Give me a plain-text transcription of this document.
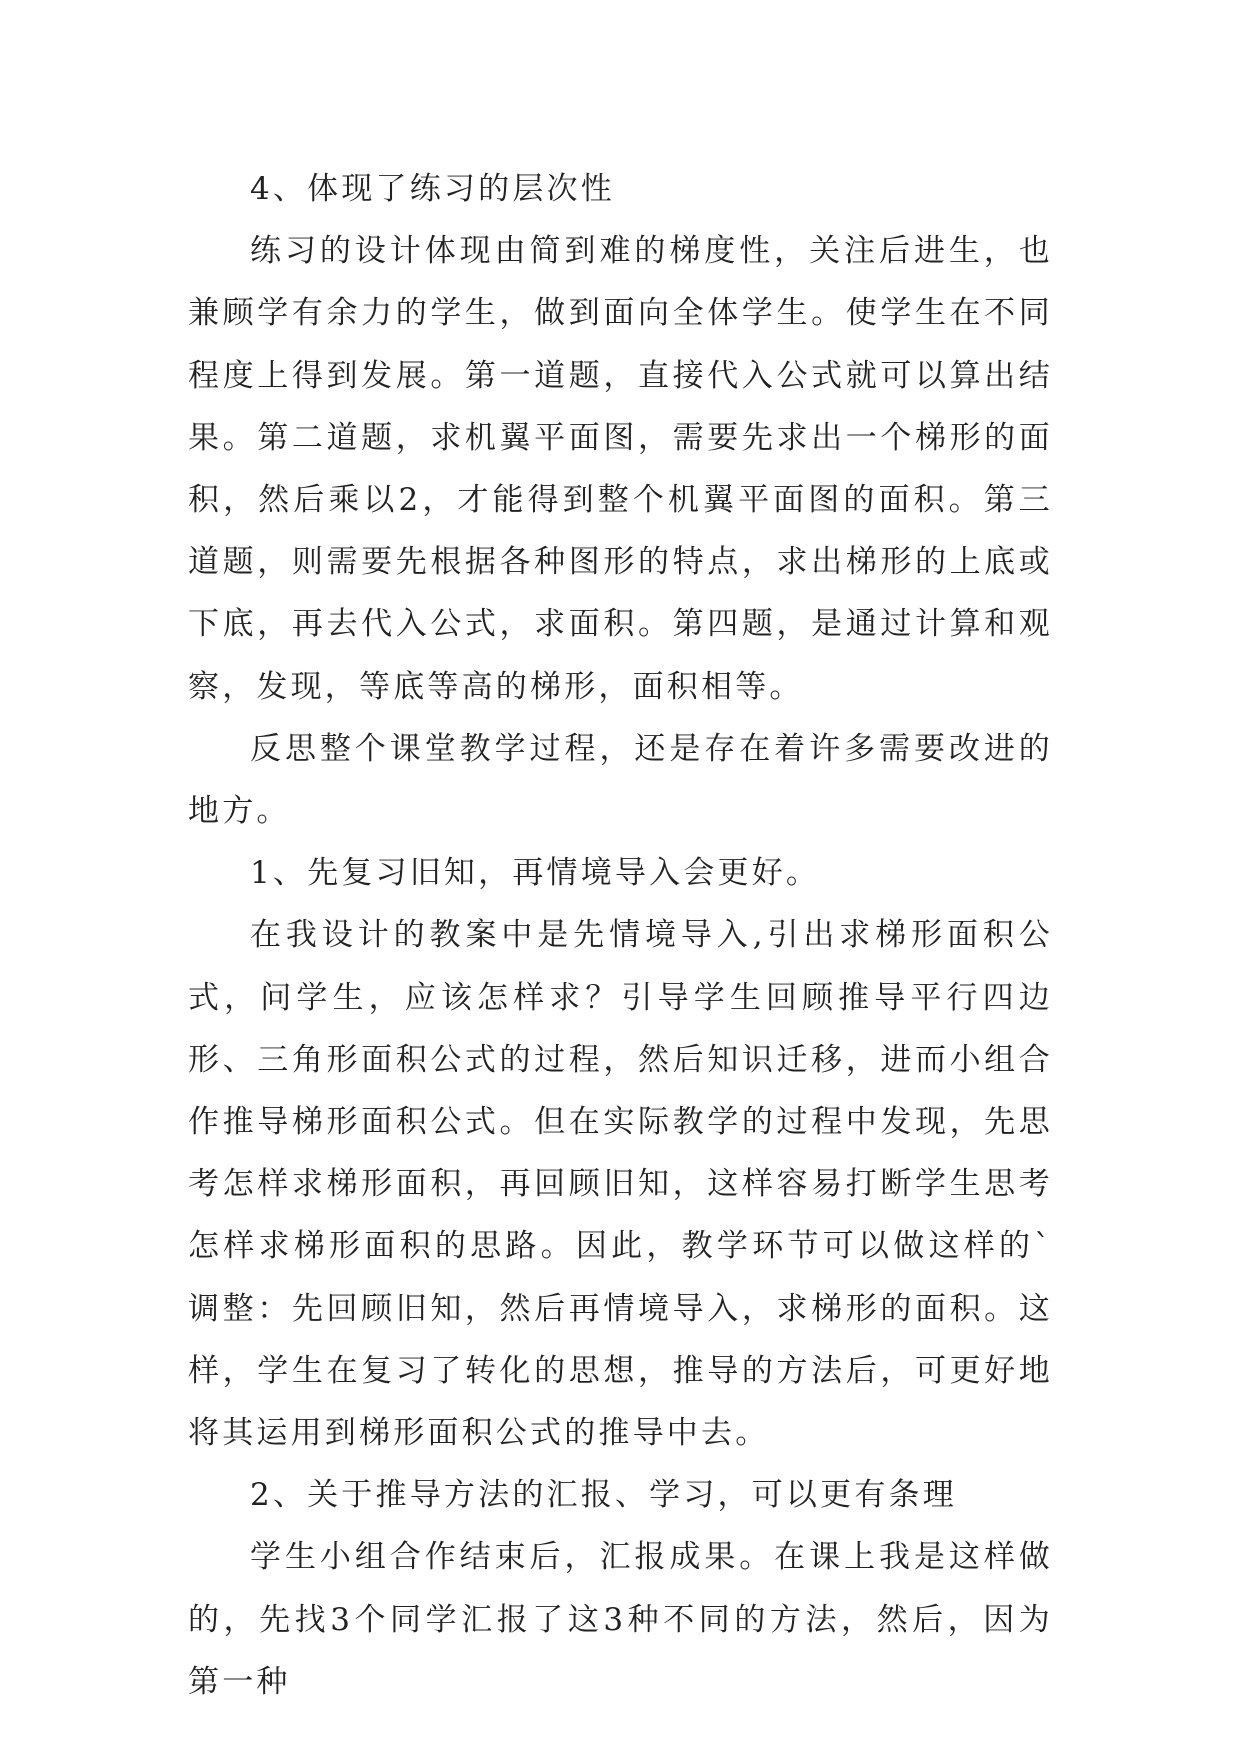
4、体现了练习的层次性

练习的设计体现由简到难的梯度性，关注后进生，也兼顾学有余力的学生，做到面向全体学生。使学生在不同程度上得到发展。第一道题，直接代入公式就可以算出结果。第二道题，求机翼平面图，需要先求出一个梯形的面积，然后乘以2，才能得到整个机翼平面图的面积。第三道题，则需要先根据各种图形的特点，求出梯形的上底或下底，再去代入公式，求面积。第四题，是通过计算和观察，发现，等底等高的梯形，面积相等。

反思整个课堂教学过程，还是存在着许多需要改进的地方。

1、先复习旧知，再情境导入会更好。

在我设计的教案中是先情境导入,引出求梯形面积公式，问学生，应该怎样求？引导学生回顾推导平行四边形、三角形面积公式的过程，然后知识迁移，进而小组合作推导梯形面积公式。但在实际教学的过程中发现，先思考怎样求梯形面积，再回顾旧知，这样容易打断学生思考怎样求梯形面积的思路。因此，教学环节可以做这样的`调整：先回顾旧知，然后再情境导入，求梯形的面积。这样，学生在复习了转化的思想，推导的方法后，可更好地将其运用到梯形面积公式的推导中去。

2、关于推导方法的汇报、学习，可以更有条理

学生小组合作结束后，汇报成果。在课上我是这样做的，先找3个同学汇报了这3种不同的方法，然后，因为第一种
